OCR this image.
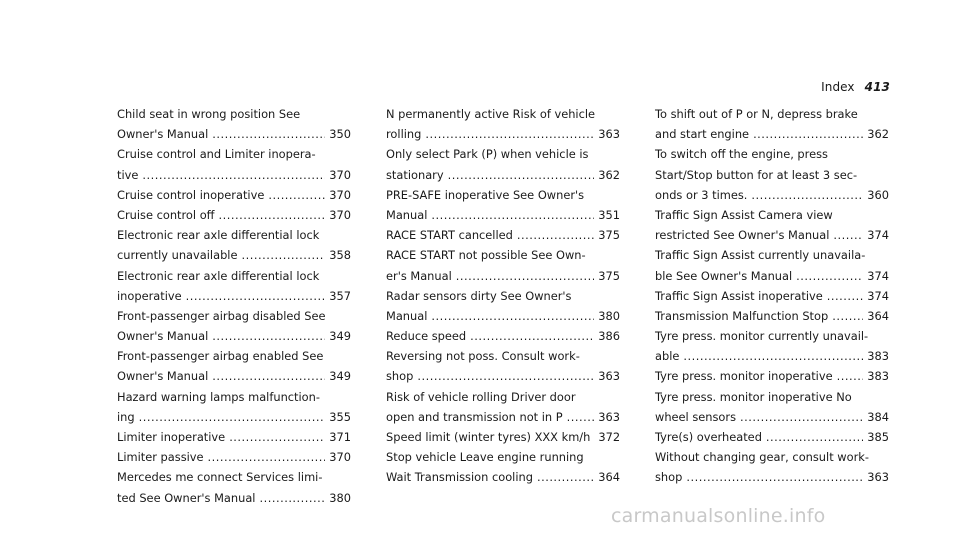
Index 413
Child seat in wrong position See
Owner's Manual .....	350
Cruise control and Limiter inopera-
tive .....	370
Cruise control inoperative .....	370
Cruise control off .....	370
Electronic rear axle differential lock
currently unavailable .....	358
Electronic rear axle differential lock
inoperative .....	357
Front-passenger airbag disabled See
Owner's Manual .....	349
Front-passenger airbag enabled See
Owner's Manual .....	349
Hazard warning lamps malfunction-
ing .....	355
Limiter inoperative .....	371
Limiter passive .....	370
Mercedes me connect Services limi-
ted See Owner's Manual .....	380
N permanently active Risk of vehicle
rolling .....	363
Only select Park (P) when vehicle is
stationary .....	362
PRE-SAFE inoperative See Owner's
Manual .....	351
RACE START cancelled .....	375
RACE START not possible See Own-
er's Manual .....	375
Radar sensors dirty See Owner's
Manual .....	380
Reduce speed .....	386
Reversing not poss. Consult work-
shop .....	363
Risk of vehicle rolling Driver door
open and transmission not in P .....	363
Speed limit (winter tyres) XXX km/h 372
Stop vehicle Leave engine running
Wait Transmission cooling .....	364
To shift out of P or N, depress brake
and start engine .....	362
To switch off the engine, press
Start/Stop button for at least 3 sec-
onds or 3 times. .....	360
Traffic Sign Assist Camera view
restricted See Owner's Manual .....	374
Traffic Sign Assist currently unavaila-
ble See Owner's Manual .....	374
Traffic Sign Assist inoperative .....	374
Transmission Malfunction Stop .....	364
Tyre press. monitor currently unavail-
able .....	383
Tyre press. monitor inoperative .....	383
Tyre press. monitor inoperative No
wheel sensors .....	384
Tyre(s) overheated .....	385
Without changing gear, consult work-
shop .....	363
carmanualsonline.info
